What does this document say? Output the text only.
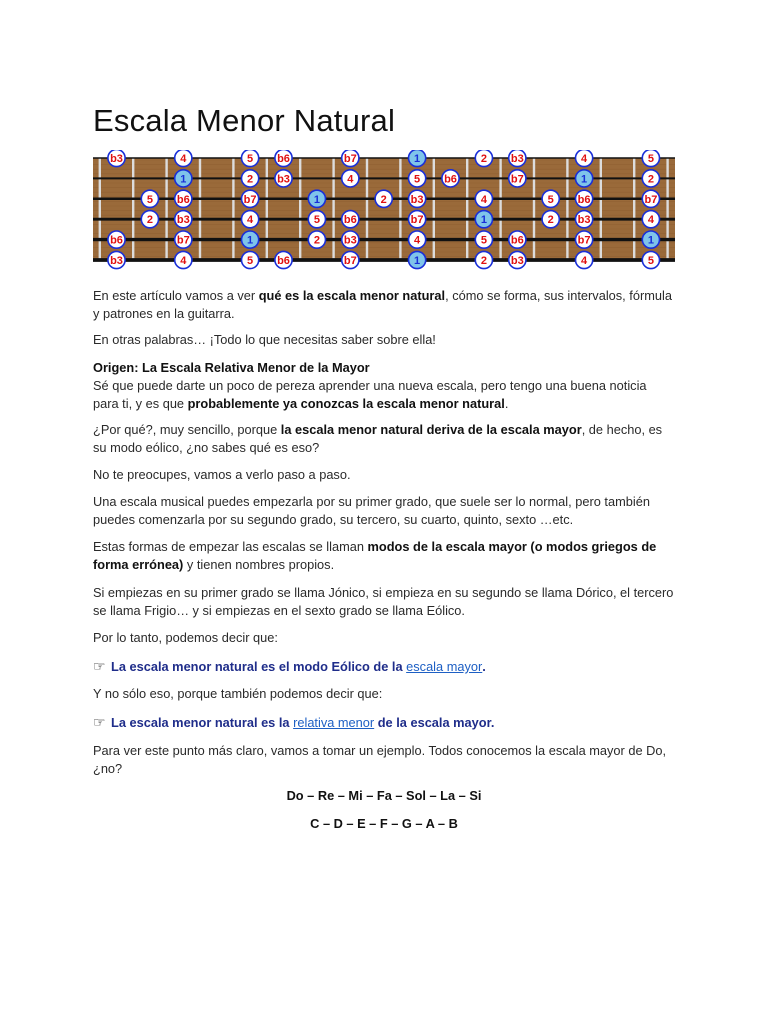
Escala Menor Natural
b3	4	5 b6	b7	1	2 b3	4	5
1	2 b3	4	5 b6	b7	1	2
5 b6	b7	1	2 b3	4	5 b6	b7
2 b3	4	5 b6	b7	1	2 b3	4
b6	b7	1	2 b3	4	5 b6	b7	1
b3	4	5 b6	b7	1	2 b3	4	5
En este artículo vamos a ver qué es la escala menor natural, cómo se forma, sus intervalos, fórmula y patrones en la guitarra.
En otras palabras… ¡Todo lo que necesitas saber sobre ella!
Origen: La Escala Relativa Menor de la Mayor
Sé que puede darte un poco de pereza aprender una nueva escala, pero tengo una buena noticia para ti, y es que probablemente ya conozcas la escala menor natural.
¿Por qué?, muy sencillo, porque la escala menor natural deriva de la escala mayor, de hecho, es su modo eólico, ¿no sabes qué es eso?
No te preocupes, vamos a verlo paso a paso.
Una escala musical puedes empezarla por su primer grado, que suele ser lo normal, pero también puedes comenzarla por su segundo grado, su tercero, su cuarto, quinto, sexto …etc.
Estas formas de empezar las escalas se llaman modos de la escala mayor (o modos griegos de forma errónea) y tienen nombres propios.
Si empiezas en su primer grado se llama Jónico, si empieza en su segundo se llama Dórico, el tercero se llama Frigio… y si empiezas en el sexto grado se llama Eólico.
Por lo tanto, podemos decir que:
☞ La escala menor natural es el modo Eólico de la escala mayor.
Y no sólo eso, porque también podemos decir que:
☞ La escala menor natural es la relativa menor de la escala mayor.
Para ver este punto más claro, vamos a tomar un ejemplo. Todos conocemos la escala mayor de Do, ¿no?
Do – Re – Mi – Fa – Sol – La – Si
C – D – E – F – G – A – B
